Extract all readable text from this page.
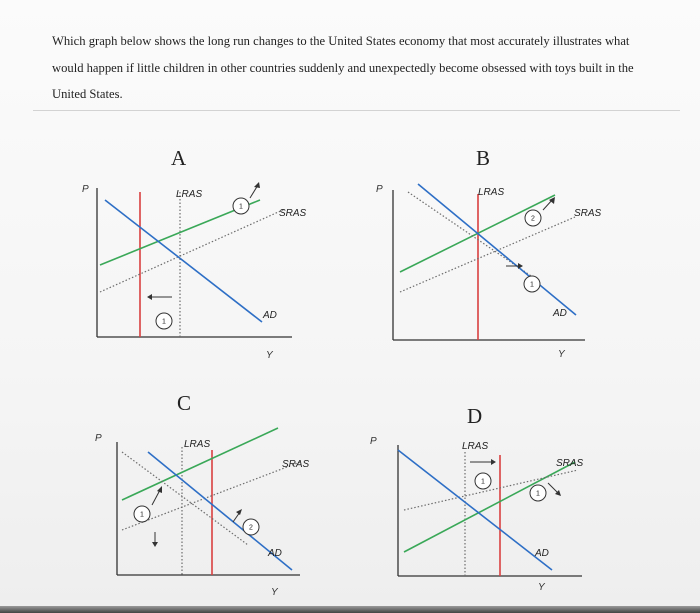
Which graph below shows the long run changes to the United States economy that most accurately illustrates what would happen if little children in other countries suddenly and unexpectedly become obsessed with toys built in the United States.
A
P
Y
LRAS
SRAS
AD
1
1
B
P
Y
LRAS
SRAS
AD
2
1
C
P
Y
LRAS
SRAS
AD
1
2
D
P
Y
LRAS
SRAS
AD
1
1
